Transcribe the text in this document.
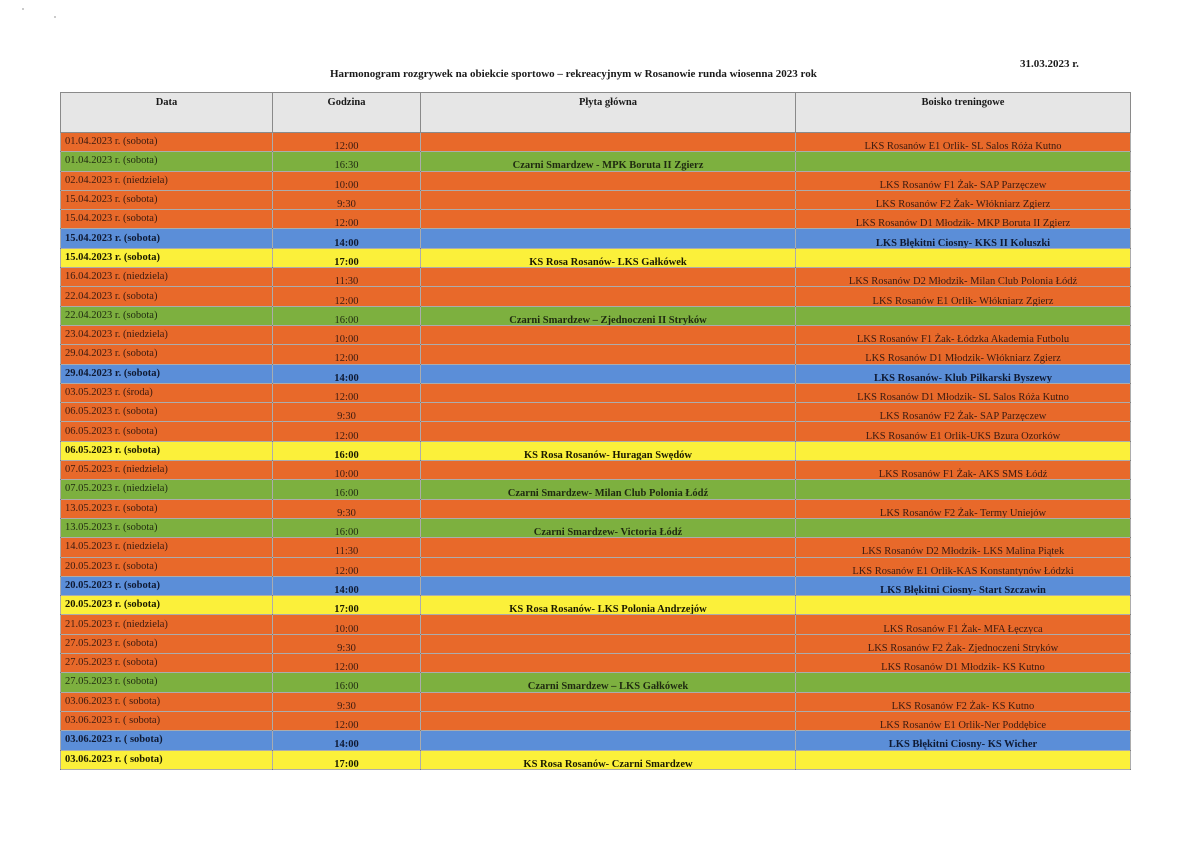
31.03.2023 r.
Harmonogram rozgrywek na obiekcie sportowo – rekreacyjnym w Rosanowie runda wiosenna 2023 rok
Data	Godzina	Płyta główna	Boisko treningowe
01.04.2023 r. (sobota)	12:00		LKS Rosanów E1 Orlik- SL Salos Róża Kutno
01.04.2023 r. (sobota)	16:30	Czarni Smardzew - MPK Boruta II Zgierz	
02.04.2023 r. (niedziela)	10:00		LKS Rosanów F1 Żak- SAP Parzęczew
15.04.2023 r. (sobota)	9:30		LKS Rosanów F2 Żak- Włókniarz Zgierz
15.04.2023 r. (sobota)	12:00		LKS Rosanów D1 Młodzik- MKP Boruta II Zgierz
15.04.2023 r. (sobota)	14:00		LKS Błękitni Ciosny- KKS II Koluszki
15.04.2023 r. (sobota)	17:00	KS Rosa Rosanów- LKS Gałkówek	
16.04.2023 r. (niedziela)	11:30		LKS Rosanów D2 Młodzik- Milan Club Polonia Łódź
22.04.2023 r. (sobota)	12:00		LKS Rosanów E1 Orlik- Włókniarz Zgierz
22.04.2023 r. (sobota)	16:00	Czarni Smardzew – Zjednoczeni II Stryków	
23.04.2023 r. (niedziela)	10:00		LKS Rosanów F1 Żak- Łódzka Akademia Futbolu
29.04.2023 r. (sobota)	12:00		LKS Rosanów D1 Młodzik- Włókniarz Zgierz
29.04.2023 r. (sobota)	14:00		LKS Rosanów- Klub Piłkarski Byszewy
03.05.2023 r. (środa)	12:00		LKS Rosanów D1 Młodzik- SL Salos Róża Kutno
06.05.2023 r. (sobota)	9:30		LKS Rosanów F2 Żak- SAP Parzęczew
06.05.2023 r. (sobota)	12:00		LKS Rosanów E1 Orlik-UKS Bzura Ozorków
06.05.2023 r. (sobota)	16:00	KS Rosa Rosanów- Huragan Swędów	
07.05.2023 r. (niedziela)	10:00		LKS Rosanów F1 Żak- AKS SMS Łódź
07.05.2023 r. (niedziela)	16:00	Czarni Smardzew- Milan Club Polonia Łódź	
13.05.2023 r. (sobota)	9:30		LKS Rosanów F2 Żak- Termy Uniejów
13.05.2023 r. (sobota)	16:00	Czarni Smardzew- Victoria Łódź	
14.05.2023 r. (niedziela)	11:30		LKS Rosanów D2 Młodzik- LKS Malina Piątek
20.05.2023 r. (sobota)	12:00		LKS Rosanów E1 Orlik-KAS Konstantynów Łódzki
20.05.2023 r. (sobota)	14:00		LKS Błękitni Ciosny- Start Szczawin
20.05.2023 r. (sobota)	17:00	KS Rosa Rosanów- LKS Polonia Andrzejów	
21.05.2023 r. (niedziela)	10:00		LKS Rosanów F1 Żak- MFA Łęczyca
27.05.2023 r. (sobota)	9:30		LKS Rosanów F2 Żak- Zjednoczeni Stryków
27.05.2023 r. (sobota)	12:00		LKS Rosanów D1 Młodzik- KS Kutno
27.05.2023 r. (sobota)	16:00	Czarni Smardzew – LKS Gałkówek	
03.06.2023 r. ( sobota)	9:30		LKS Rosanów F2 Żak- KS Kutno
03.06.2023 r. ( sobota)	12:00		LKS Rosanów E1 Orlik-Ner Poddębice
03.06.2023 r. ( sobota)	14:00		LKS Błękitni Ciosny- KS Wicher
03.06.2023 r. ( sobota)	17:00	KS Rosa Rosanów- Czarni Smardzew	
